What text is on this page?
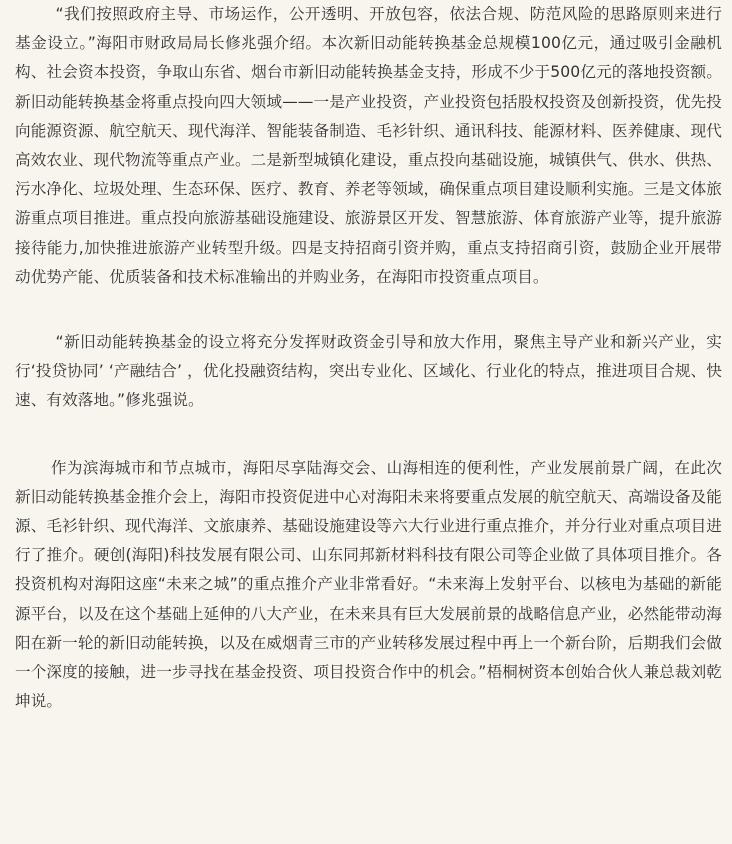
“我们按照政府主导、市场运作，公开透明、开放包容，依法合规、防范风险的思路原则来进行基金设立。”海阳市财政局局长修兆强介绍。本次新旧动能转换基金总规模100亿元，通过吸引金融机构、社会资本投资，争取山东省、烟台市新旧动能转换基金支持，形成不少于500亿元的落地投资额。新旧动能转换基金将重点投向四大领域——一是产业投资，产业投资包括股权投资及创新投资，优先投向能源资源、航空航天、现代海洋、智能装备制造、毛衫针织、通讯科技、能源材料、医养健康、现代高效农业、现代物流等重点产业。二是新型城镇化建设，重点投向基础设施，城镇供气、供水、供热、污水净化、垃圾处理、生态环保、医疗、教育、养老等领域，确保重点项目建设顺利实施。三是文体旅游重点项目推进。重点投向旅游基础设施建设、旅游景区开发、智慧旅游、体育旅游产业等，提升旅游接待能力,加快推进旅游产业转型升级。四是支持招商引资并购，重点支持招商引资，鼓励企业开展带动优势产能、优质装备和技术标准输出的并购业务，在海阳市投资重点项目。

“新旧动能转换基金的设立将充分发挥财政资金引导和放大作用，聚焦主导产业和新兴产业，实行‘投贷协同’ ‘产融结合’ ，优化投融资结构，突出专业化、区域化、行业化的特点，推进项目合规、快速、有效落地。”修兆强说。

作为滨海城市和节点城市，海阳尽享陆海交会、山海相连的便利性，产业发展前景广阔，在此次新旧动能转换基金推介会上，海阳市投资促进中心对海阳未来将要重点发展的航空航天、高端设备及能源、毛衫针织、现代海洋、文旅康养、基础设施建设等六大行业进行重点推介，并分行业对重点项目进行了推介。硬创(海阳)科技发展有限公司、山东同邦新材料科技有限公司等企业做了具体项目推介。各投资机构对海阳这座“未来之城”的重点推介产业非常看好。“未来海上发射平台、以核电为基础的新能源平台，以及在这个基础上延伸的八大产业，在未来具有巨大发展前景的战略信息产业，必然能带动海阳在新一轮的新旧动能转换，以及在威烟青三市的产业转移发展过程中再上一个新台阶，后期我们会做一个深度的接触，进一步寻找在基金投资、项目投资合作中的机会。”梧桐树资本创始合伙人兼总裁刘乾坤说。
